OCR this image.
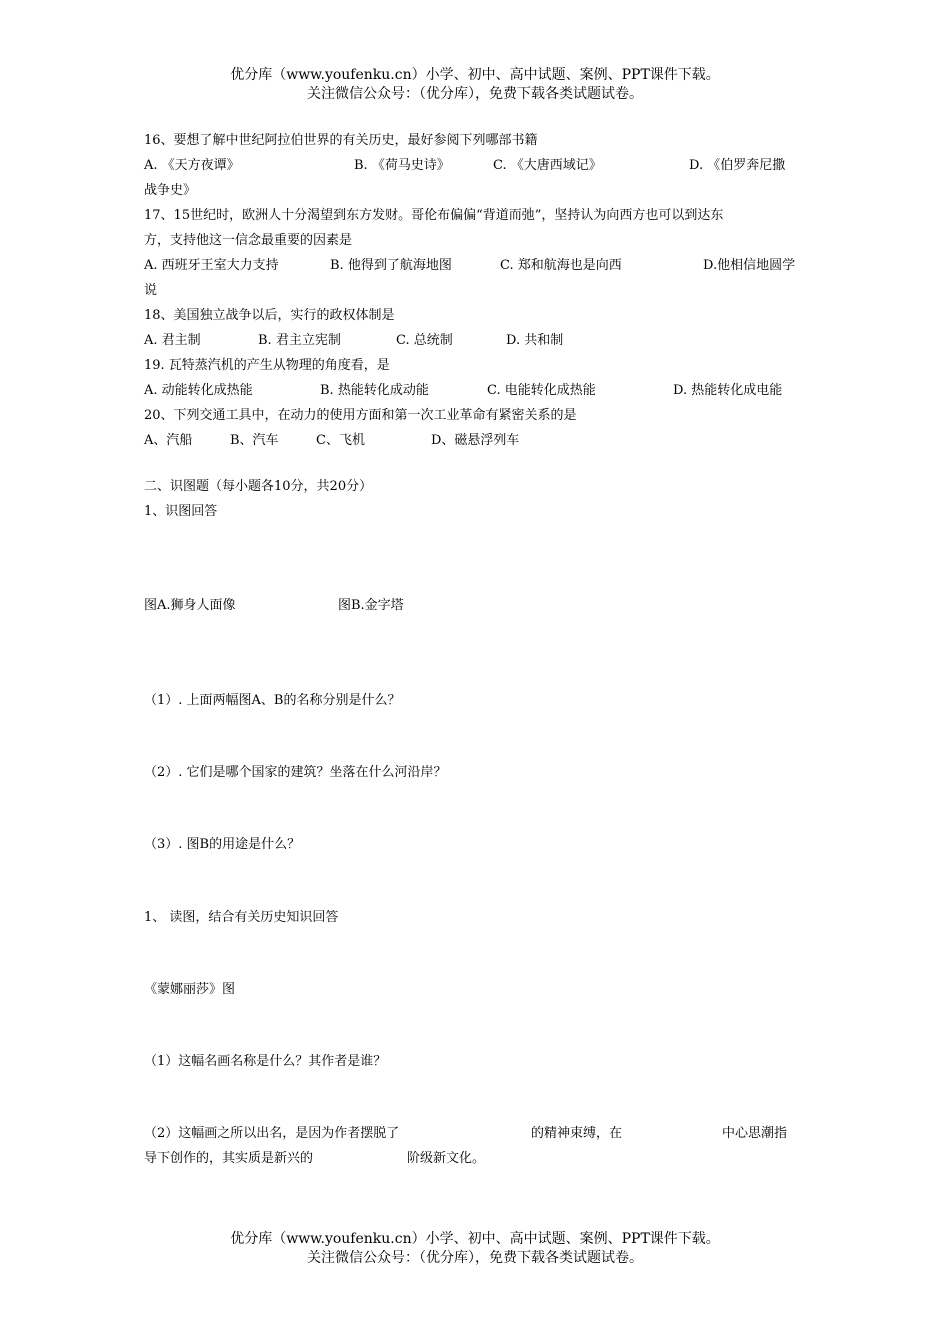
优分库（www.youfenku.cn）小学、初中、高中试题、案例、PPT课件下载。
关注微信公众号：（优分库），免费下载各类试题试卷。
16、要想了解中世纪阿拉伯世界的有关历史，最好参阅下列哪部书籍
A. 《天方夜谭》	B. 《荷马史诗》	C. 《大唐西域记》	D. 《伯罗奔尼撒
战争史》
17、15世纪时，欧洲人十分渴望到东方发财。哥伦布偏偏“背道而弛”，坚持认为向西方也可以到达东
方，支持他这一信念最重要的因素是
A. 西班牙王室大力支持	B. 他得到了航海地图	C. 郑和航海也是向西	D.他相信地圆学
说
18、美国独立战争以后，实行的政权体制是
A. 君主制	B. 君主立宪制	C. 总统制	D. 共和制
19. 瓦特蒸汽机的产生从物理的角度看，是
A. 动能转化成热能	B. 热能转化成动能	C. 电能转化成热能	D. 热能转化成电能
20、下列交通工具中，在动力的使用方面和第一次工业革命有紧密关系的是
A、汽船	B、汽车	C、飞机	D、磁悬浮列车
二、识图题（每小题各10分，共20分）
1、识图回答
图A.狮身人面像	图B.金字塔
（1）. 上面两幅图A、B的名称分别是什么？
（2）. 它们是哪个国家的建筑？坐落在什么河沿岸？
（3）. 图B的用途是什么？
1、 读图，结合有关历史知识回答
《蒙娜丽莎》图
（1）这幅名画名称是什么？其作者是谁？
（2）这幅画之所以出名，是因为作者摆脱了	的精神束缚，在	中心思潮指
导下创作的，其实质是新兴的	阶级新文化。
优分库（www.youfenku.cn）小学、初中、高中试题、案例、PPT课件下载。
关注微信公众号：（优分库），免费下载各类试题试卷。
